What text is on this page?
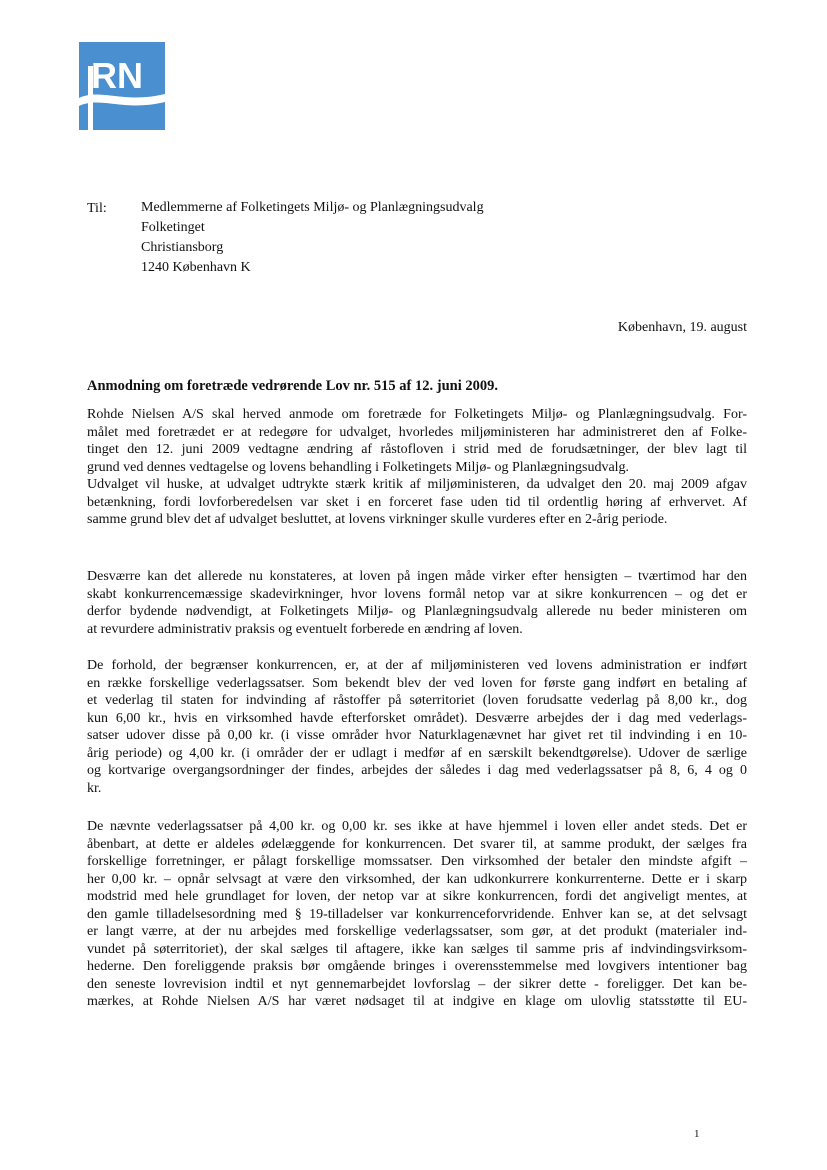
RN
Til: Medlemmerne af Folketingets Miljø- og Planlægningsudvalg
Folketinget
Christiansborg
1240 København K
København, 19. august
Anmodning om foretræde vedrørende Lov nr. 515 af 12. juni 2009.
Rohde Nielsen A/S skal herved anmode om foretræde for Folketingets Miljø- og Planlægningsudvalg. For-
målet med foretrædet er at redegøre for udvalget, hvorledes miljøministeren har administreret den af Folke-
tinget den 12. juni 2009 vedtagne ændring af råstofloven i strid med de forudsætninger, der blev lagt til
grund ved dennes vedtagelse og lovens behandling i Folketingets Miljø- og Planlægningsudvalg.
Udvalget vil huske, at udvalget udtrykte stærk kritik af miljøministeren, da udvalget den 20. maj 2009 afgav
betænkning, fordi lovforberedelsen var sket i en forceret fase uden tid til ordentlig høring af erhvervet. Af
samme grund blev det af udvalget besluttet, at lovens virkninger skulle vurderes efter en 2-årig periode.
Desværre kan det allerede nu konstateres, at loven på ingen måde virker efter hensigten – tværtimod har den
skabt konkurrencemæssige skadevirkninger, hvor lovens formål netop var at sikre konkurrencen – og det er
derfor bydende nødvendigt, at Folketingets Miljø- og Planlægningsudvalg allerede nu beder ministeren om
at revurdere administrativ praksis og eventuelt forberede en ændring af loven.
De forhold, der begrænser konkurrencen, er, at der af miljøministeren ved lovens administration er indført
en række forskellige vederlagssatser. Som bekendt blev der ved loven for første gang indført en betaling af
et vederlag til staten for indvinding af råstoffer på søterritoriet (loven forudsatte vederlag på 8,00 kr., dog
kun 6,00 kr., hvis en virksomhed havde efterforsket området). Desværre arbejdes der i dag med vederlags-
satser udover disse på 0,00 kr. (i visse områder hvor Naturklagenævnet har givet ret til indvinding i en 10-
årig periode) og 4,00 kr. (i områder der er udlagt i medfør af en særskilt bekendtgørelse). Udover de særlige
og kortvarige overgangsordninger der findes, arbejdes der således i dag med vederlagssatser på 8, 6, 4 og 0
kr.
De nævnte vederlagssatser på 4,00 kr. og 0,00 kr. ses ikke at have hjemmel i loven eller andet steds. Det er
åbenbart, at dette er aldeles ødelæggende for konkurrencen. Det svarer til, at samme produkt, der sælges fra
forskellige forretninger, er pålagt forskellige momssatser. Den virksomhed der betaler den mindste afgift –
her 0,00 kr. – opnår selvsagt at være den virksomhed, der kan udkonkurrere konkurrenterne. Dette er i skarp
modstrid med hele grundlaget for loven, der netop var at sikre konkurrencen, fordi det angiveligt mentes, at
den gamle tilladelsesordning med § 19-tilladelser var konkurrenceforvridende. Enhver kan se, at det selvsagt
er langt værre, at der nu arbejdes med forskellige vederlagssatser, som gør, at det produkt (materialer ind-
vundet på søterritoriet), der skal sælges til aftagere, ikke kan sælges til samme pris af indvindingsvirksom-
hederne. Den foreliggende praksis bør omgående bringes i overensstemmelse med lovgivers intentioner bag
den seneste lovrevision indtil et nyt gennemarbejdet lovforslag – der sikrer dette - foreligger. Det kan be-
mærkes, at Rohde Nielsen A/S har været nødsaget til at indgive en klage om ulovlig statsstøtte til EU-
1
